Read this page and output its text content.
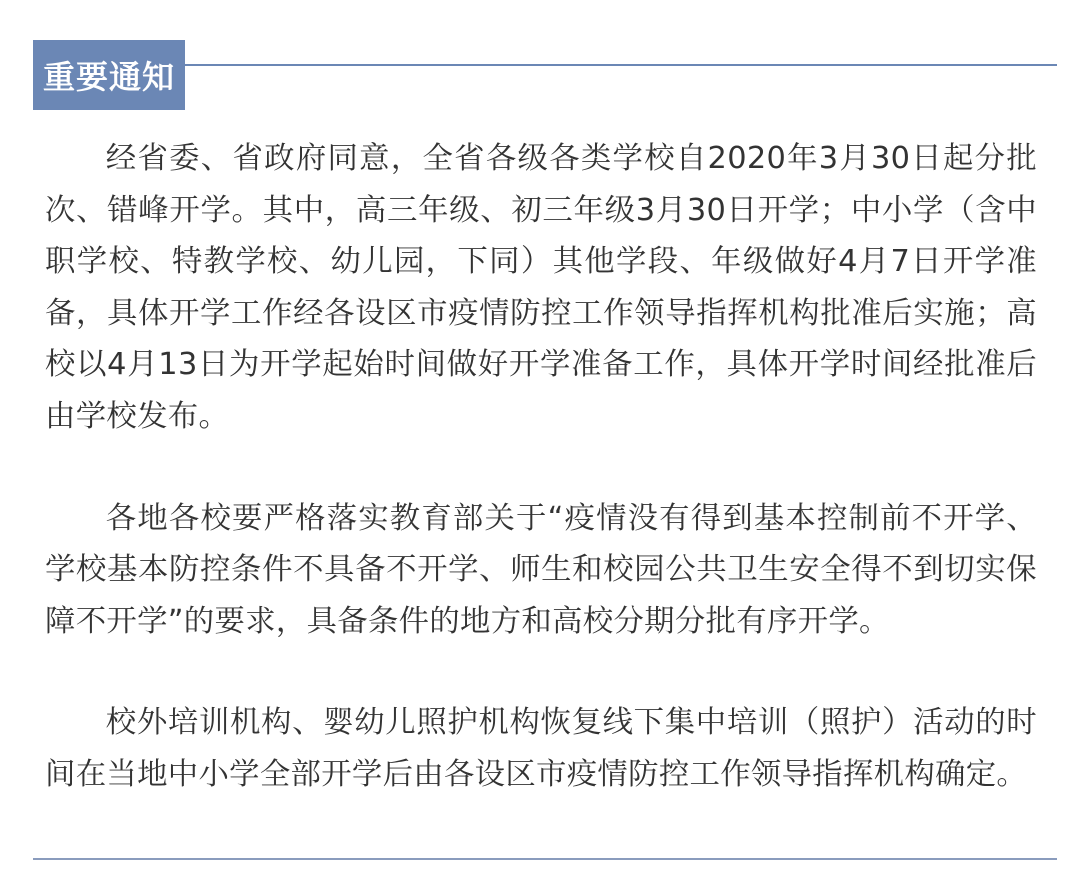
重要通知

经省委、省政府同意，全省各级各类学校自2020年3月30日起分批次、错峰开学。其中，高三年级、初三年级3月30日开学；中小学（含中职学校、特教学校、幼儿园，下同）其他学段、年级做好4月7日开学准备，具体开学工作经各设区市疫情防控工作领导指挥机构批准后实施；高校以4月13日为开学起始时间做好开学准备工作，具体开学时间经批准后由学校发布。

各地各校要严格落实教育部关于“疫情没有得到基本控制前不开学、学校基本防控条件不具备不开学、师生和校园公共卫生安全得不到切实保障不开学”的要求，具备条件的地方和高校分期分批有序开学。

校外培训机构、婴幼儿照护机构恢复线下集中培训（照护）活动的时间在当地中小学全部开学后由各设区市疫情防控工作领导指挥机构确定。
